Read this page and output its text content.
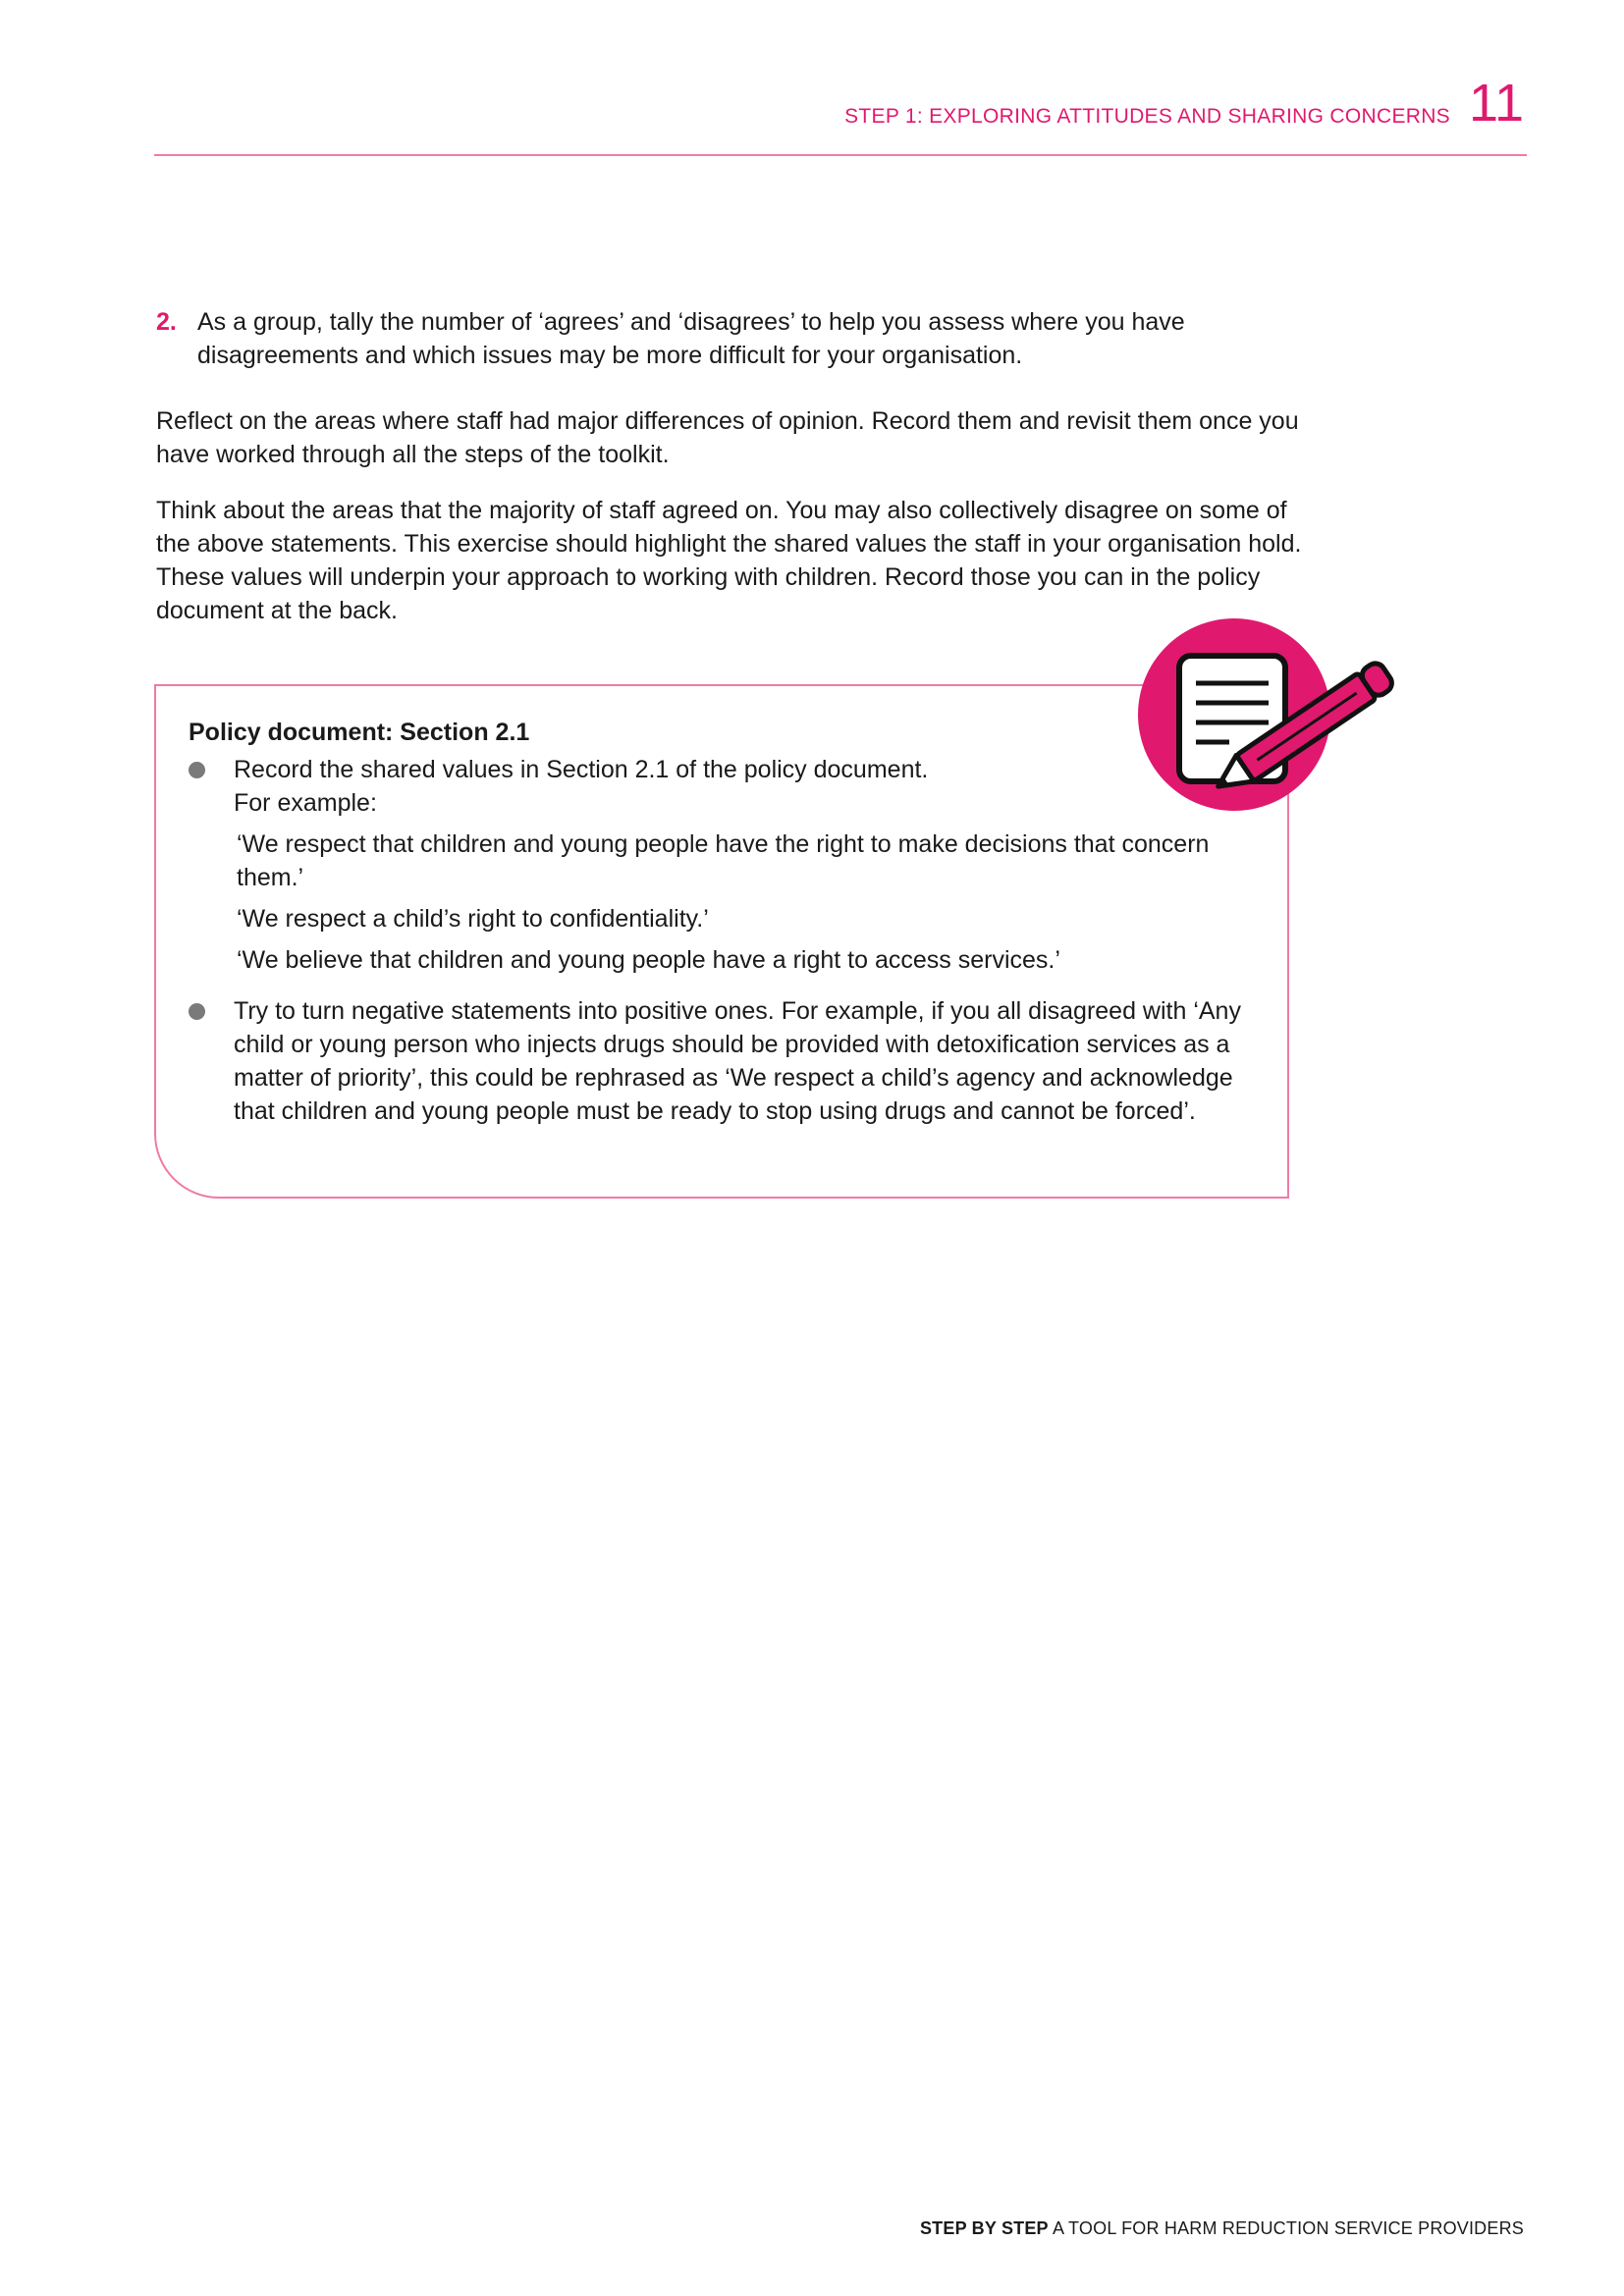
STEP 1: EXPLORING ATTITUDES AND SHARING CONCERNS 11
2. As a group, tally the number of ‘agrees’ and ‘disagrees’ to help you assess where you have disagreements and which issues may be more difficult for your organisation.
Reflect on the areas where staff had major differences of opinion. Record them and revisit them once you have worked through all the steps of the toolkit.
Think about the areas that the majority of staff agreed on. You may also collectively disagree on some of the above statements. This exercise should highlight the shared values the staff in your organisation hold. These values will underpin your approach to working with children. Record those you can in the policy document at the back.
Policy document: Section 2.1
Record the shared values in Section 2.1 of the policy document.
For example:
‘We respect that children and young people have the right to make decisions that concern them.’
‘We respect a child’s right to confidentiality.’
‘We believe that children and young people have a right to access services.’
Try to turn negative statements into positive ones. For example, if you all disagreed with ‘Any child or young person who injects drugs should be provided with detoxification services as a matter of priority’, this could be rephrased as ‘We respect a child’s agency and acknowledge that children and young people must be ready to stop using drugs and cannot be forced’.
STEP BY STEP A TOOL FOR HARM REDUCTION SERVICE PROVIDERS
